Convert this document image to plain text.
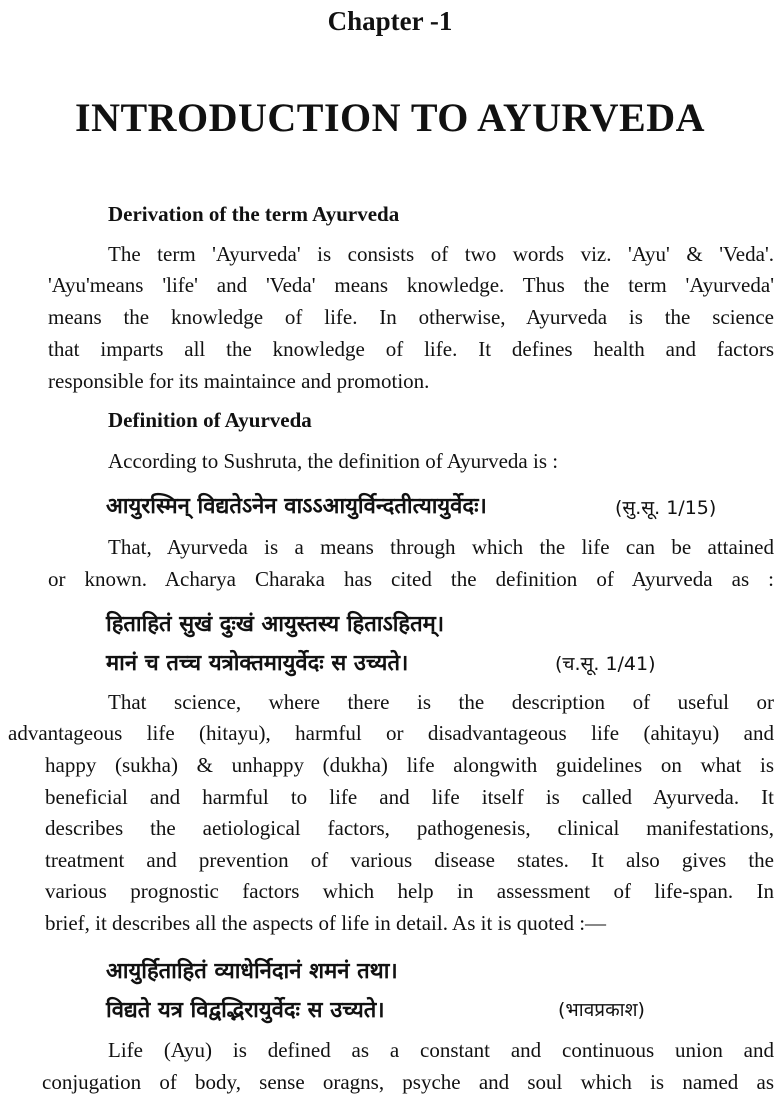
Chapter -1
INTRODUCTION TO AYURVEDA
Derivation of the term Ayurveda
The term 'Ayurveda' is consists of two words viz. 'Ayu' & 'Veda'.
'Ayu'means 'life' and 'Veda' means knowledge. Thus the term 'Ayurveda'
means the knowledge of life. In otherwise, Ayurveda is the science
that imparts all the knowledge of life. It defines health and factors
responsible for its maintaince and promotion.
Definition of Ayurveda
According to Sushruta, the definition of Ayurveda is :
आयुरस्मिन् विद्यतेऽनेन वाऽऽआयुर्विन्दतीत्यायुर्वेदः।	(सु.सू. 1/15)
That, Ayurveda is a means through which the life can be attained
or known. Acharya Charaka has cited the definition of Ayurveda as :
हिताहितं सुखं दुःखं आयुस्तस्य हिताऽहितम्।
मानं च तच्च यत्रोक्तमायुर्वेदः स उच्यते।	(च.सू. 1/41)
That science, where there is the description of useful or
advantageous life (hitayu), harmful or disadvantageous life (ahitayu) and
happy (sukha) & unhappy (dukha) life alongwith guidelines on what is
beneficial and harmful to life and life itself is called Ayurveda. It
describes the aetiological factors, pathogenesis, clinical manifestations,
treatment and prevention of various disease states. It also gives the
various prognostic factors which help in assessment of life-span. In
brief, it describes all the aspects of life in detail. As it is quoted :—
आयुर्हिताहितं व्याधेर्निदानं शमनं तथा।
विद्यते यत्र विद्वद्भिरायुर्वेदः स उच्यते।	(भावप्रकाश)
Life (Ayu) is defined as a constant and continuous union and
conjugation of body, sense oragns, psyche and soul which is named as
